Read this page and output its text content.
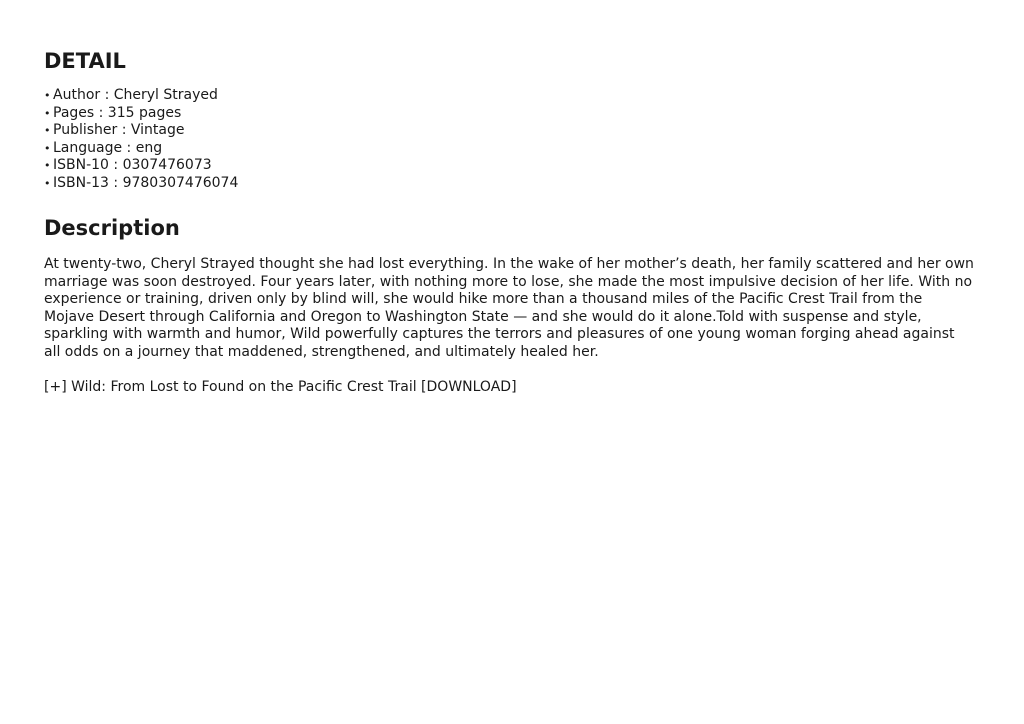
DETAIL
• Author : Cheryl Strayed
• Pages : 315 pages
• Publisher : Vintage
• Language : eng
• ISBN-10 : 0307476073
• ISBN-13 : 9780307476074
Description

At twenty-two, Cheryl Strayed thought she had lost everything. In the wake of her mother’s death, her family scattered and her own marriage was soon destroyed. Four years later, with nothing more to lose, she made the most impulsive decision of her life. With no experience or training, driven only by blind will, she would hike more than a thousand miles of the Pacific Crest Trail from the Mojave Desert through California and Oregon to Washington State — and she would do it alone.Told with suspense and style, sparkling with warmth and humor, Wild powerfully captures the terrors and pleasures of one young woman forging ahead against all odds on a journey that maddened, strengthened, and ultimately healed her.

[+] Wild: From Lost to Found on the Pacific Crest Trail [DOWNLOAD]
